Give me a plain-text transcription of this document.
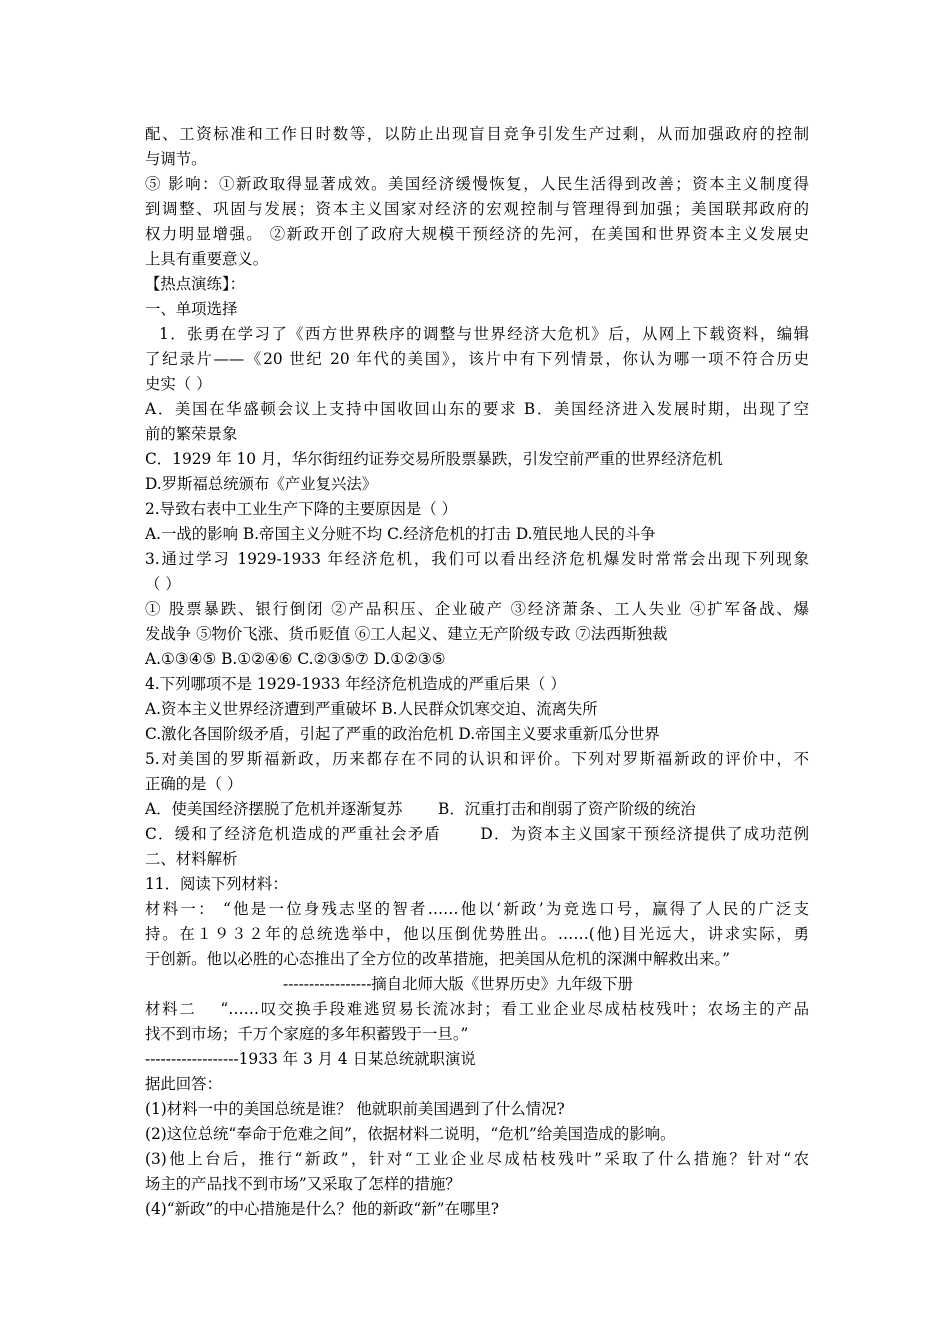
配、工资标准和工作日时数等，以防止出现盲目竞争引发生产过剩，从而加强政府的控制
与调节。
⑤ 影响：①新政取得显著成效。美国经济缓慢恢复，人民生活得到改善；资本主义制度得
到调整、巩固与发展；资本主义国家对经济的宏观控制与管理得到加强；美国联邦政府的
权力明显增强。 ②新政开创了政府大规模干预经济的先河，在美国和世界资本主义发展史
上具有重要意义。
【热点演练】：
一、单项选择
1．张勇在学习了《西方世界秩序的调整与世界经济大危机》后，从网上下载资料，编辑
了纪录片——《20 世纪 20 年代的美国》，该片中有下列情景，你认为哪一项不符合历史
史实（ ）
A．美国在华盛顿会议上支持中国收回山东的要求 B．美国经济进入发展时期，出现了空
前的繁荣景象
C．1929 年 10 月，华尔街纽约证券交易所股票暴跌，引发空前严重的世界经济危机
D.罗斯福总统颁布《产业复兴法》
2.导致右表中工业生产下降的主要原因是（ ）
A.一战的影响 B.帝国主义分赃不均 C.经济危机的打击 D.殖民地人民的斗争
3.通过学习 1929-1933 年经济危机，我们可以看出经济危机爆发时常常会出现下列现象
（ ）
① 股票暴跌、银行倒闭 ②产品积压、企业破产 ③经济萧条、工人失业 ④扩军备战、爆
发战争 ⑤物价飞涨、货币贬值 ⑥工人起义、建立无产阶级专政 ⑦法西斯独裁
A.①③④⑤ B.①②④⑥ C.②③⑤⑦ D.①②③⑤
4.下列哪项不是 1929-1933 年经济危机造成的严重后果（ ）
A.资本主义世界经济遭到严重破坏 B.人民群众饥寒交迫、流离失所
C.激化各国阶级矛盾，引起了严重的政治危机 D.帝国主义要求重新瓜分世界
5.对美国的罗斯福新政，历来都存在不同的认识和评价。下列对罗斯福新政的评价中，不
正确的是（ ）
A．使美国经济摆脱了危机并逐渐复苏　　 B．沉重打击和削弱了资产阶级的统治
C．缓和了经济危机造成的严重社会矛盾　　 D．为资本主义国家干预经济提供了成功范例
二、材料解析
11．阅读下列材料：
材料一： “他是一位身残志坚的智者……他以‘新政’为竞选口号，赢得了人民的广泛支
持。在１９３２年的总统选举中，他以压倒优势胜出。……(他)目光远大，讲求实际，勇
于创新。他以必胜的心态推出了全方位的改革措施，把美国从危机的深渊中解救出来。”
-----------------摘自北师大版《世界历史》九年级下册
材料二　 “……叹交换手段难逃贸易长流冰封；看工业企业尽成枯枝残叶；农场主的产品
找不到市场；千万个家庭的多年积蓄毁于一旦。”
------------------1933 年 3 月 4 日某总统就职演说
据此回答：
(1)材料一中的美国总统是谁？ 他就职前美国遇到了什么情况?
(2)这位总统“奉命于危难之间”，依据材料二说明，“危机”给美国造成的影响。
(3)他上台后，推行“新政”，针对“工业企业尽成枯枝残叶”采取了什么措施？针对“农
场主的产品找不到市场”又采取了怎样的措施？
(4)“新政”的中心措施是什么？他的新政“新”在哪里?
